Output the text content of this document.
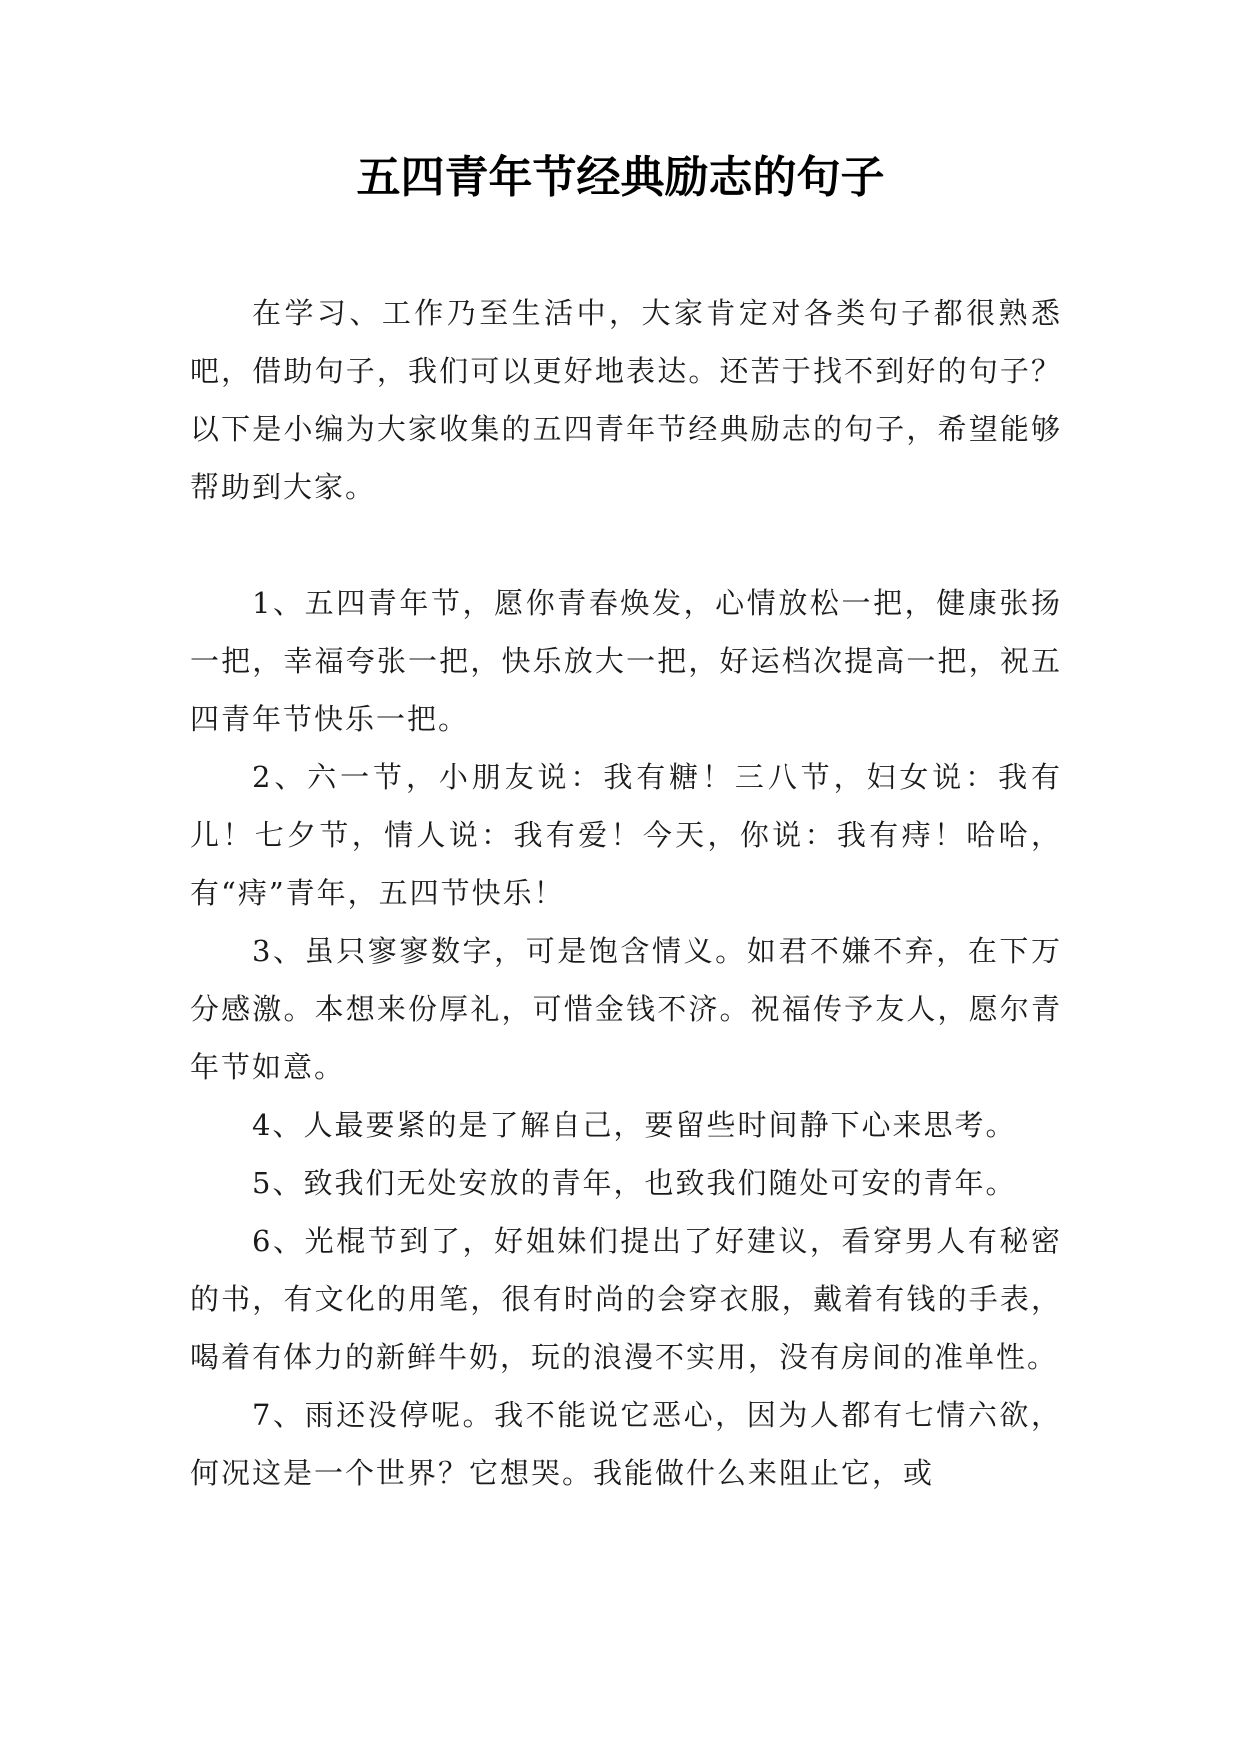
五四青年节经典励志的句子

在学习、工作乃至生活中，大家肯定对各类句子都很熟悉吧，借助句子，我们可以更好地表达。还苦于找不到好的句子？以下是小编为大家收集的五四青年节经典励志的句子，希望能够帮助到大家。

1、五四青年节，愿你青春焕发，心情放松一把，健康张扬一把，幸福夸张一把，快乐放大一把，好运档次提高一把，祝五四青年节快乐一把。

2、六一节，小朋友说：我有糖！三八节，妇女说：我有儿！七夕节，情人说：我有爱！今天，你说：我有痔！哈哈，有“痔”青年，五四节快乐！

3、虽只寥寥数字，可是饱含情义。如君不嫌不弃，在下万分感激。本想来份厚礼，可惜金钱不济。祝福传予友人，愿尔青年节如意。

4、人最要紧的是了解自己，要留些时间静下心来思考。

5、致我们无处安放的青年，也致我们随处可安的青年。

6、光棍节到了，好姐妹们提出了好建议，看穿男人有秘密的书，有文化的用笔，很有时尚的会穿衣服，戴着有钱的手表，喝着有体力的新鲜牛奶，玩的浪漫不实用，没有房间的准单性。

7、雨还没停呢。我不能说它恶心，因为人都有七情六欲，何况这是一个世界？它想哭。我能做什么来阻止它，或
